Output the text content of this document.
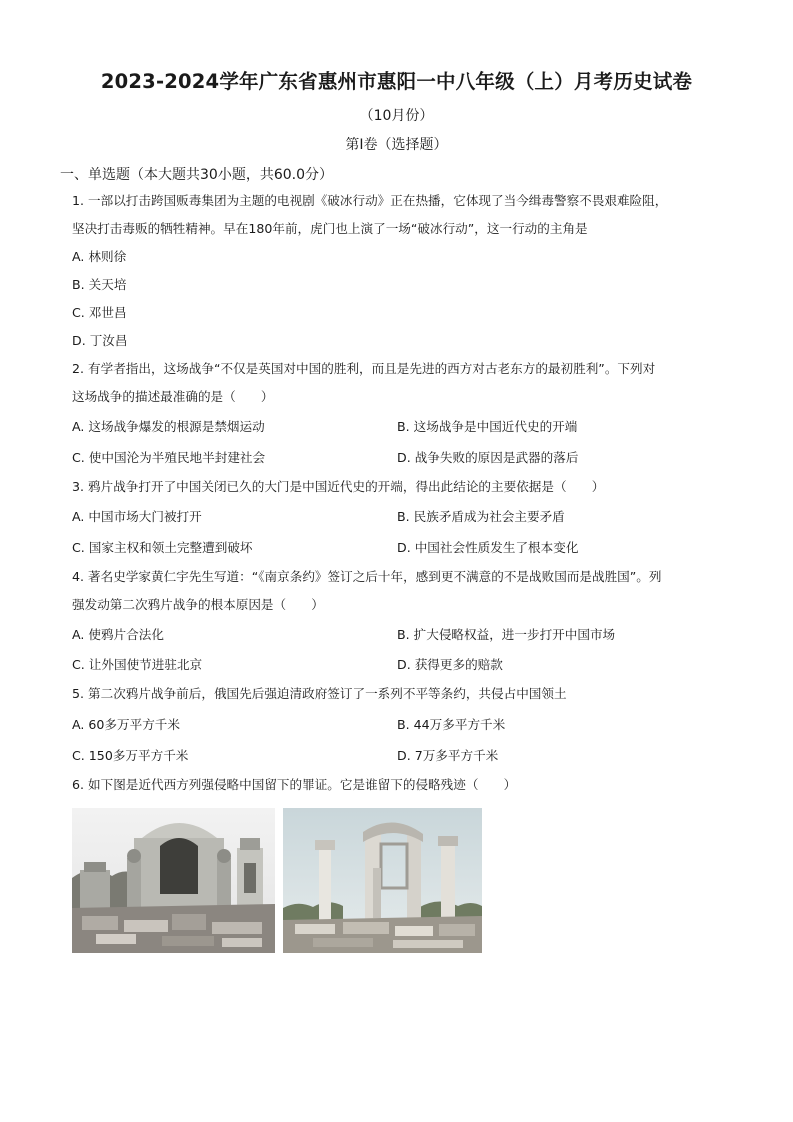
2023-2024学年广东省惠州市惠阳一中八年级（上）月考历史试卷
（10月份）
第Ⅰ卷（选择题）
一、单选题（本大题共30小题，共60.0分）
1. 一部以打击跨国贩毒集团为主题的电视剧《破冰行动》正在热播，它体现了当今缉毒警察不畏艰难险阻，
坚决打击毒贩的牺牲精神。早在180年前，虎门也上演了一场“破冰行动”，这一行动的主角是
A. 林则徐
B. 关天培
C. 邓世昌
D. 丁汝昌
2. 有学者指出，这场战争“不仅是英国对中国的胜利，而且是先进的西方对古老东方的最初胜利”。下列对
这场战争的描述最准确的是（　　）
A. 这场战争爆发的根源是禁烟运动	B. 这场战争是中国近代史的开端
C. 使中国沦为半殖民地半封建社会	D. 战争失败的原因是武器的落后
3. 鸦片战争打开了中国关闭已久的大门是中国近代史的开端，得出此结论的主要依据是（　　）
A. 中国市场大门被打开	B. 民族矛盾成为社会主要矛盾
C. 国家主权和领土完整遭到破坏	D. 中国社会性质发生了根本变化
4. 著名史学家黄仁宇先生写道：“《南京条约》签订之后十年，感到更不满意的不是战败国而是战胜国”。列
强发动第二次鸦片战争的根本原因是（　　）
A. 使鸦片合法化	B. 扩大侵略权益，进一步打开中国市场
C. 让外国使节进驻北京	D. 获得更多的赔款
5. 第二次鸦片战争前后，俄国先后强迫清政府签订了一系列不平等条约，共侵占中国领土
A. 60多万平方千米	B. 44万多平方千米
C. 150多万平方千米	D. 7万多平方千米
6. 如下图是近代西方列强侵略中国留下的罪证。它是谁留下的侵略残迹（　　）
